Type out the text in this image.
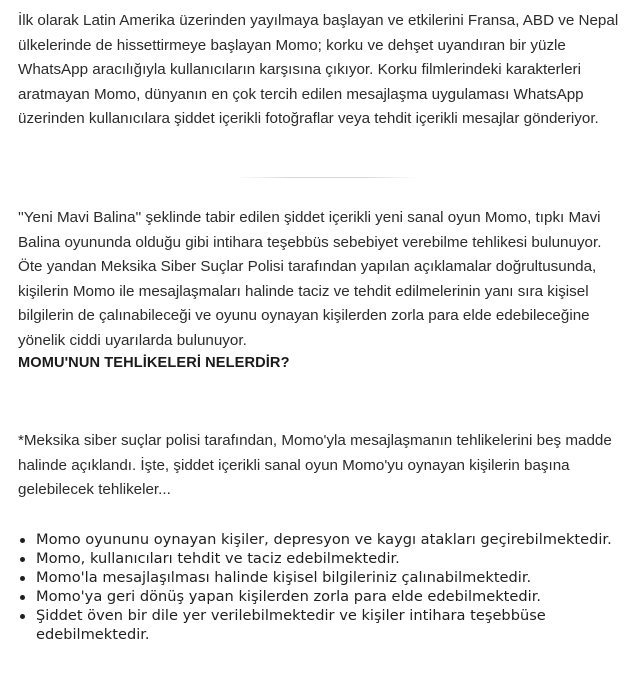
İlk olarak Latin Amerika üzerinden yayılmaya başlayan ve etkilerini Fransa, ABD ve Nepal ülkelerinde de hissettirmeye başlayan Momo; korku ve dehşet uyandıran bir yüzle WhatsApp aracılığıyla kullanıcıların karşısına çıkıyor. Korku filmlerindeki karakterleri aratmayan Momo, dünyanın en çok tercih edilen mesajlaşma uygulaması WhatsApp üzerinden kullanıcılara şiddet içerikli fotoğraflar veya tehdit içerikli mesajlar gönderiyor.

''Yeni Mavi Balina'' şeklinde tabir edilen şiddet içerikli yeni sanal oyun Momo, tıpkı Mavi Balina oyununda olduğu gibi intihara teşebbüs sebebiyet verebilme tehlikesi bulunuyor. Öte yandan Meksika Siber Suçlar Polisi tarafından yapılan açıklamalar doğrultusunda, kişilerin Momo ile mesajlaşmaları halinde taciz ve tehdit edilmelerinin yanı sıra kişisel bilgilerin de çalınabileceği ve oyunu oynayan kişilerden zorla para elde edebileceğine yönelik ciddi uyarılarda bulunuyor.

MOMU'NUN TEHLİKELERİ NELERDİR?

*Meksika siber suçlar polisi tarafından, Momo'yla mesajlaşmanın tehlikelerini beş madde halinde açıklandı. İşte, şiddet içerikli sanal oyun Momo'yu oynayan kişilerin başına gelebilecek tehlikeler...

Momo oyununu oynayan kişiler, depresyon ve kaygı atakları geçirebilmektedir.
Momo, kullanıcıları tehdit ve taciz edebilmektedir.
Momo'la mesajlaşılması halinde kişisel bilgileriniz çalınabilmektedir.
Momo'ya geri dönüş yapan kişilerden zorla para elde edebilmektedir.
Şiddet öven bir dile yer verilebilmektedir ve kişiler intihara teşebbüse edebilmektedir.
